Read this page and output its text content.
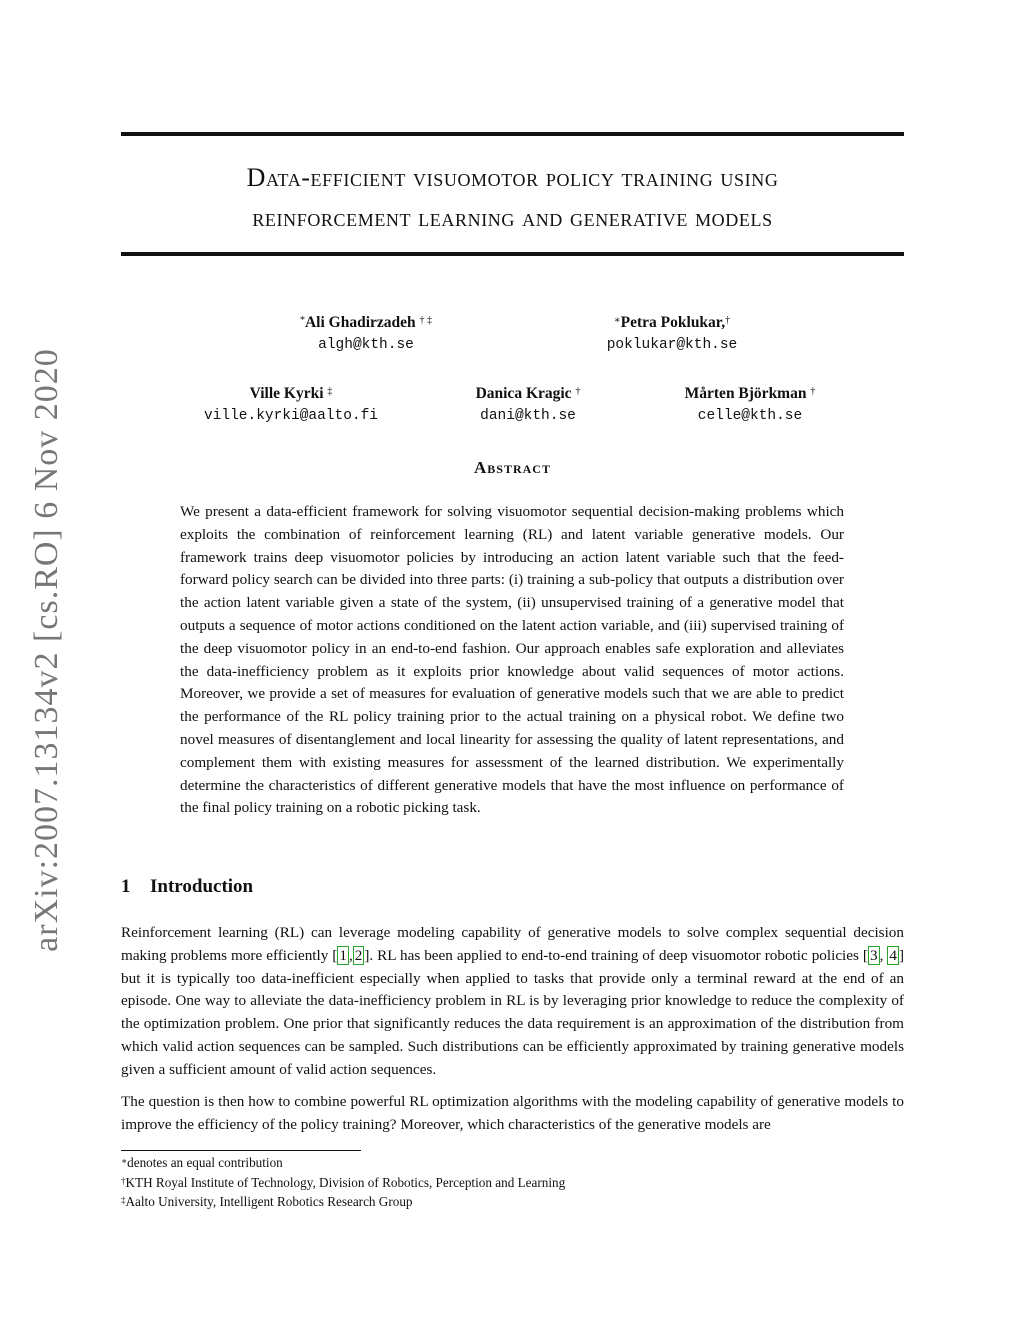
arXiv:2007.13134v2 [cs.RO] 6 Nov 2020
Data-efficient visuomotor policy training using
reinforcement learning and generative models
*Ali Ghadirzadeh † ‡
algh@kth.se
∗Petra Poklukar,†
poklukar@kth.se
Ville Kyrki ‡
ville.kyrki@aalto.fi
Danica Kragic †
dani@kth.se
Mårten Björkman †
celle@kth.se
Abstract

We present a data-efficient framework for solving visuomotor sequential decision-making problems which exploits the combination of reinforcement learning (RL) and latent variable generative models. Our framework trains deep visuomotor policies by introducing an action latent variable such that the feed-forward policy search can be divided into three parts: (i) training a sub-policy that outputs a distribution over the action latent variable given a state of the system, (ii) unsupervised training of a generative model that outputs a sequence of motor actions conditioned on the latent action variable, and (iii) supervised training of the deep visuomotor policy in an end-to-end fashion. Our approach enables safe exploration and alleviates the data-inefficiency problem as it exploits prior knowledge about valid sequences of motor actions. Moreover, we provide a set of measures for evaluation of generative models such that we are able to predict the performance of the RL policy training prior to the actual training on a physical robot. We define two novel measures of disentanglement and local linearity for assessing the quality of latent representations, and complement them with existing measures for assessment of the learned distribution. We experimentally determine the characteristics of different generative models that have the most influence on performance of the final policy training on a robotic picking task.

1 Introduction

Reinforcement learning (RL) can leverage modeling capability of generative models to solve complex sequential decision making problems more efficiently [ 1 , 2 ]. RL has been applied to end-to-end training of deep visuomotor robotic policies [ 3 , 4 ] but it is typically too data-inefficient especially when applied to tasks that provide only a terminal reward at the end of an episode. One way to alleviate the data-inefficiency problem in RL is by leveraging prior knowledge to reduce the complexity of the optimization problem. One prior that significantly reduces the data requirement is an approximation of the distribution from which valid action sequences can be sampled. Such distributions can be efficiently approximated by training generative models given a sufficient amount of valid action sequences.

The question is then how to combine powerful RL optimization algorithms with the modeling capability of generative models to improve the efficiency of the policy training? Moreover, which characteristics of the generative models are

∗denotes an equal contribution
†KTH Royal Institute of Technology, Division of Robotics, Perception and Learning
‡Aalto University, Intelligent Robotics Research Group
